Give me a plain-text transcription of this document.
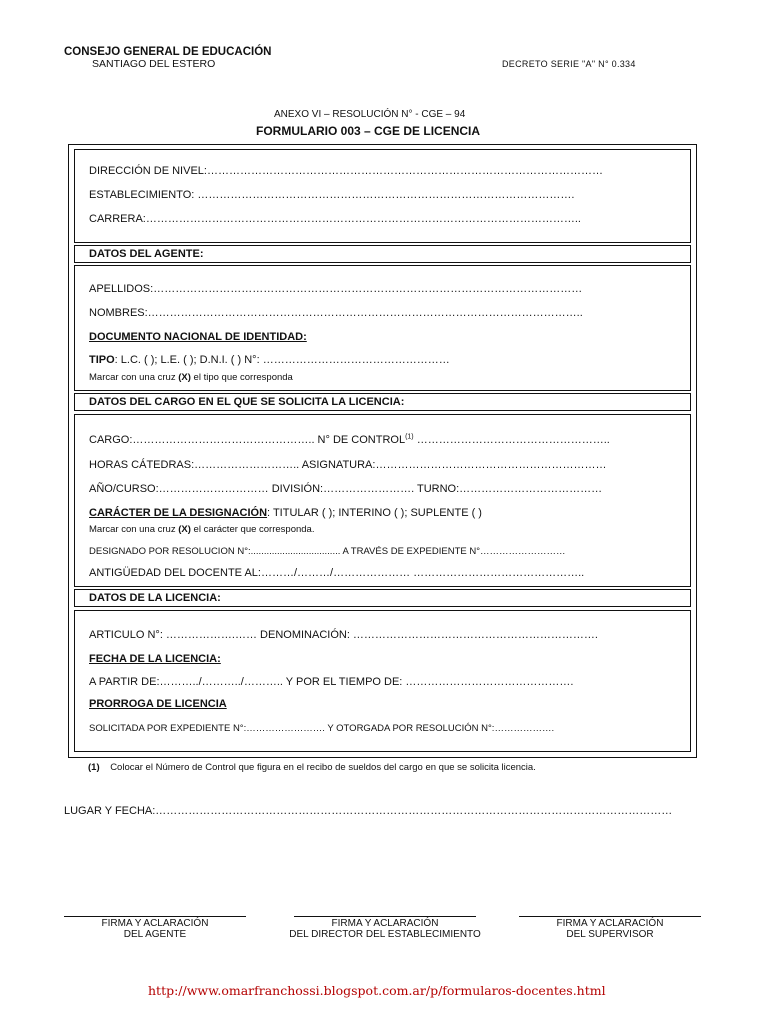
CONSEJO GENERAL DE EDUCACIÓN
SANTIAGO DEL ESTERO	DECRETO SERIE "A" N° 0.334
ANEXO VI – RESOLUCIÓN N° - CGE – 94
FORMULARIO 003 – CGE DE LICENCIA
DIRECCIÓN DE NIVEL:………………………………………………………………………………………………
ESTABLECIMIENTO: ………………………………………………………………………………………….
CARRERA:………………………………………………………………………………………………………..
DATOS DEL AGENTE:
APELLIDOS:………………………………………………………………………………………………………
NOMBRES:………………………………………………………………………………………………………..
DOCUMENTO NACIONAL DE IDENTIDAD:
TIPO: L.C. ( ); L.E. ( ); D.N.I. ( ) N°: ……………………………………………
Marcar con una cruz (X) el tipo que corresponda
DATOS DEL CARGO EN EL QUE SE SOLICITA LA LICENCIA:
CARGO:………………………………………….. N° DE CONTROL$^{(1)}$ ……………………………………………..
HORAS CÁTEDRAS:……………………….. ASIGNATURA:………………………………………………………
AÑO/CURSO:………………………… DIVISIÓN:……………………. TURNO:…………………………………
CARÁCTER DE LA DESIGNACIÓN: TITULAR ( ); INTERINO ( ); SUPLENTE ( )
Marcar con una cruz (X) el carácter que corresponda.
DESIGNADO POR RESOLUCION N°:.................................. A TRAVÉS DE EXPEDIENTE N°………………………
ANTIGÜEDAD DEL DOCENTE AL:………/………/………………… ………………………………………..
DATOS DE LA LICENCIA:
ARTICULO N°: ……………….…… DENOMINACIÓN: ………………………………………………………….
FECHA DE LA LICENCIA:
A PARTIR DE:………../………../……….. Y POR EL TIEMPO DE: ……………………………………….
PRORROGA DE LICENCIA
SOLICITADA POR EXPEDIENTE N°:……………………. Y OTORGADA POR RESOLUCIÓN N°:……………….
(1) Colocar el Número de Control que figura en el recibo de sueldos del cargo en que se solicita licencia.
LUGAR Y FECHA:……………………………………………………………………………………………………………………………
FIRMA Y ACLARACIÓN
DEL AGENTE
FIRMA Y ACLARACIÓN
DEL DIRECTOR DEL ESTABLECIMIENTO
FIRMA Y ACLARACIÓN
DEL SUPERVISOR
http://www.omarfranchossi.blogspot.com.ar/p/formularos-docentes.html
